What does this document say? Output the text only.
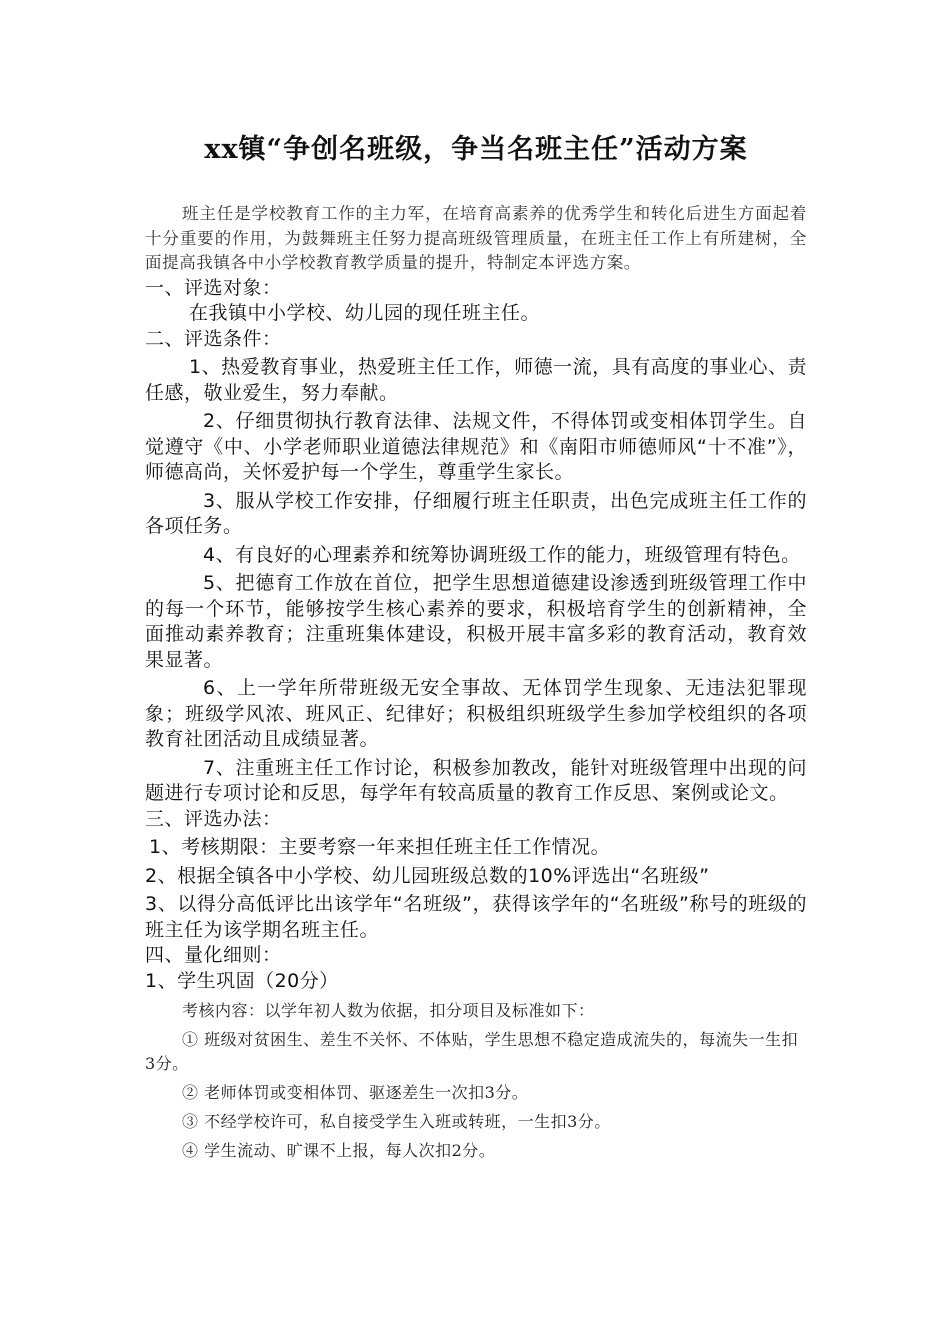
xx镇“争创名班级，争当名班主任”活动方案

班主任是学校教育工作的主力军，在培育高素养的优秀学生和转化后进生方面起着十分重要的作用，为鼓舞班主任努力提高班级管理质量，在班主任工作上有所建树，全面提高我镇各中小学校教育教学质量的提升，特制定本评选方案。

一、评选对象：

在我镇中小学校、幼儿园的现任班主任。

二、评选条件：

1、热爱教育事业，热爱班主任工作，师德一流，具有高度的事业心、责任感，敬业爱生，努力奉献。

2、仔细贯彻执行教育法律、法规文件，不得体罚或变相体罚学生。自觉遵守《中、小学老师职业道德法律规范》和《南阳市师德师风“十不准”》，师德高尚，关怀爱护每一个学生，尊重学生家长。

3、服从学校工作安排，仔细履行班主任职责，出色完成班主任工作的各项任务。

4、有良好的心理素养和统筹协调班级工作的能力，班级管理有特色。

5、把德育工作放在首位，把学生思想道德建设渗透到班级管理工作中的每一个环节，能够按学生核心素养的要求，积极培育学生的创新精神，全面推动素养教育；注重班集体建设，积极开展丰富多彩的教育活动，教育效果显著。

6、上一学年所带班级无安全事故、无体罚学生现象、无违法犯罪现象；班级学风浓、班风正、纪律好；积极组织班级学生参加学校组织的各项教育社团活动且成绩显著。

7、注重班主任工作讨论，积极参加教改，能针对班级管理中出现的问题进行专项讨论和反思，每学年有较高质量的教育工作反思、案例或论文。

三、评选办法：

1、考核期限：主要考察一年来担任班主任工作情况。

2、根据全镇各中小学校、幼儿园班级总数的10%评选出“名班级”

3、以得分高低评比出该学年“名班级”，获得该学年的“名班级”称号的班级的班主任为该学期名班主任。

四、量化细则：

1、学生巩固（20分）

考核内容：以学年初人数为依据，扣分项目及标准如下：

① 班级对贫困生、差生不关怀、不体贴，学生思想不稳定造成流失的，每流失一生扣3分。

② 老师体罚或变相体罚、驱逐差生一次扣3分。

③ 不经学校许可，私自接受学生入班或转班，一生扣3分。

④ 学生流动、旷课不上报，每人次扣2分。
